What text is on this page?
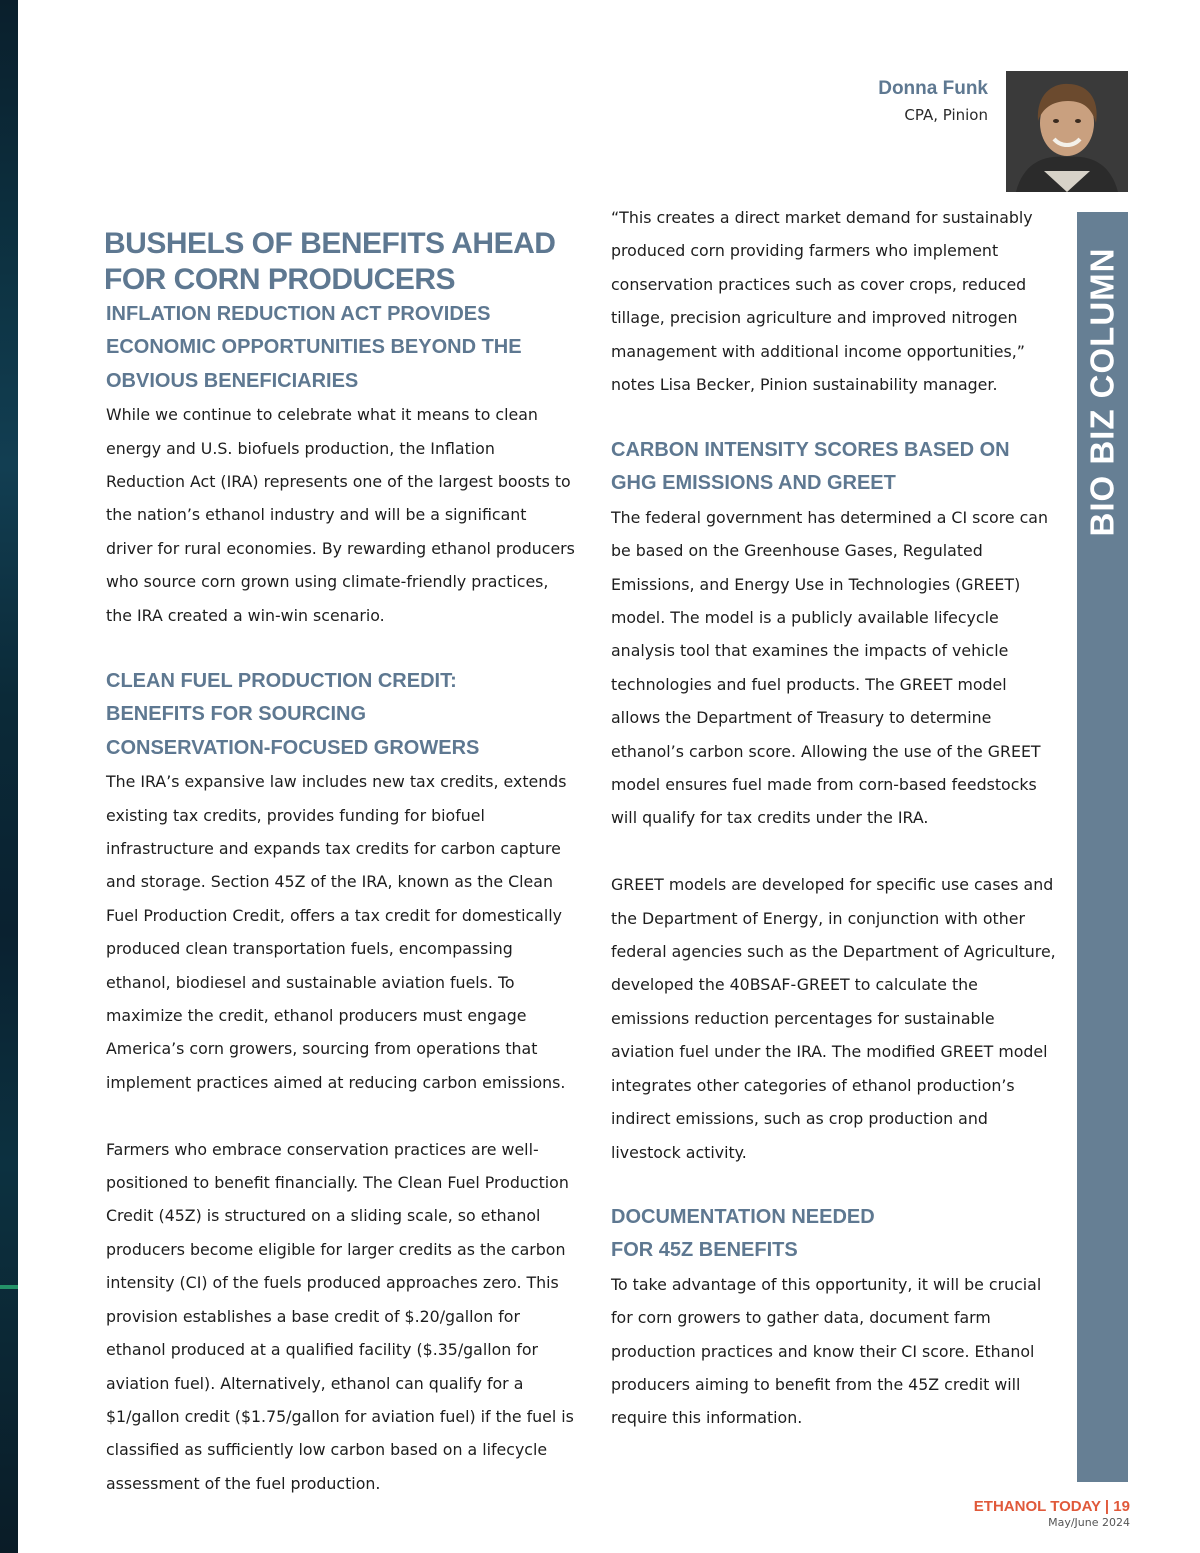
Donna Funk
CPA, Pinion
BIO BIZ COLUMN
BUSHELS OF BENEFITS AHEAD FOR CORN PRODUCERS
INFLATION REDUCTION ACT PROVIDES ECONOMIC OPPORTUNITIES BEYOND THE OBVIOUS BENEFICIARIES

While we continue to celebrate what it means to clean energy and U.S. biofuels production, the Inflation Reduction Act (IRA) represents one of the largest boosts to the nation’s ethanol industry and will be a significant driver for rural economies. By rewarding ethanol producers who source corn grown using climate-friendly practices, the IRA created a win-win scenario.

CLEAN FUEL PRODUCTION CREDIT: BENEFITS FOR SOURCING CONSERVATION-FOCUSED GROWERS

The IRA’s expansive law includes new tax credits, extends existing tax credits, provides funding for biofuel infrastructure and expands tax credits for carbon capture and storage. Section 45Z of the IRA, known as the Clean Fuel Production Credit, offers a tax credit for domestically produced clean transportation fuels, encompassing ethanol, biodiesel and sustainable aviation fuels. To maximize the credit, ethanol producers must engage America’s corn growers, sourcing from operations that implement practices aimed at reducing carbon emissions.

Farmers who embrace conservation practices are well-positioned to benefit financially. The Clean Fuel Production Credit (45Z) is structured on a sliding scale, so ethanol producers become eligible for larger credits as the carbon intensity (CI) of the fuels produced approaches zero. This provision establishes a base credit of $.20/gallon for ethanol produced at a qualified facility ($.35/gallon for aviation fuel). Alternatively, ethanol can qualify for a $1/gallon credit ($1.75/gallon for aviation fuel) if the fuel is classified as sufficiently low carbon based on a lifecycle assessment of the fuel production.

“This creates a direct market demand for sustainably produced corn providing farmers who implement conservation practices such as cover crops, reduced tillage, precision agriculture and improved nitrogen management with additional income opportunities,” notes Lisa Becker, Pinion sustainability manager.

CARBON INTENSITY SCORES BASED ON GHG EMISSIONS AND GREET

The federal government has determined a CI score can be based on the Greenhouse Gases, Regulated Emissions, and Energy Use in Technologies (GREET) model. The model is a publicly available lifecycle analysis tool that examines the impacts of vehicle technologies and fuel products. The GREET model allows the Department of Treasury to determine ethanol’s carbon score. Allowing the use of the GREET model ensures fuel made from corn-based feedstocks will qualify for tax credits under the IRA.

GREET models are developed for specific use cases and the Department of Energy, in conjunction with other federal agencies such as the Department of Agriculture, developed the 40BSAF-GREET to calculate the emissions reduction percentages for sustainable aviation fuel under the IRA. The modified GREET model integrates other categories of ethanol production’s indirect emissions, such as crop production and livestock activity.

DOCUMENTATION NEEDED FOR 45Z BENEFITS

To take advantage of this opportunity, it will be crucial for corn growers to gather data, document farm production practices and know their CI score. Ethanol producers aiming to benefit from the 45Z credit will require this information.

ETHANOL TODAY | 19
May/June 2024
